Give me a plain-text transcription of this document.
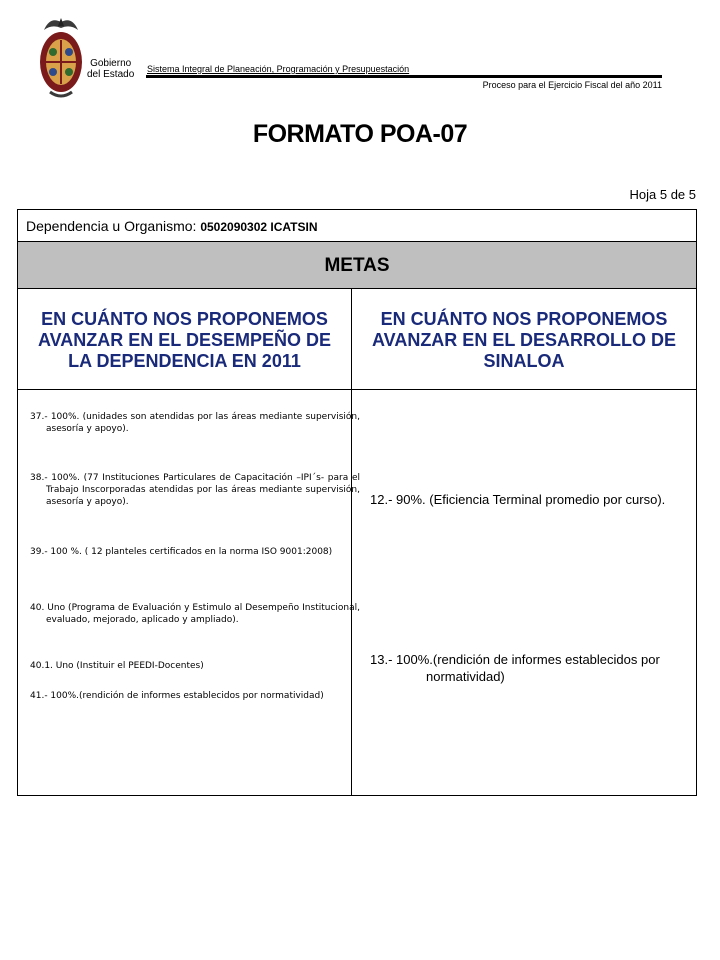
Gobierno
del Estado Sistema Integral de Planeación, Programación y Presupuestación
Proceso para el Ejercicio Fiscal del año 2011
FORMATO POA-07
Hoja 5 de 5
Dependencia u Organismo: 0502090302 ICATSIN
METAS
EN CUÁNTO NOS PROPONEMOS AVANZAR EN EL DESEMPEÑO DE LA DEPENDENCIA EN 2011
EN CUÁNTO NOS PROPONEMOS AVANZAR EN EL DESARROLLO DE SINALOA
37.- 100%. (unidades son atendidas por las áreas mediante supervisión, asesoría y apoyo).
38.- 100%. (77 Instituciones Particulares de Capacitación –IPI´s- para el Trabajo Inscorporadas atendidas por las áreas mediante supervisión, asesoría y apoyo).
39.- 100 %. ( 12 planteles certificados en la norma ISO 9001:2008)
40. Uno (Programa de Evaluación y Estimulo al Desempeño Institucional, evaluado, mejorado, aplicado y ampliado).
40.1. Uno (Instituir el PEEDI-Docentes)
41.- 100%.(rendición de informes establecidos por normatividad)
12.- 90%. (Eficiencia Terminal promedio por curso).
13.- 100%.(rendición de informes establecidos por normatividad)
